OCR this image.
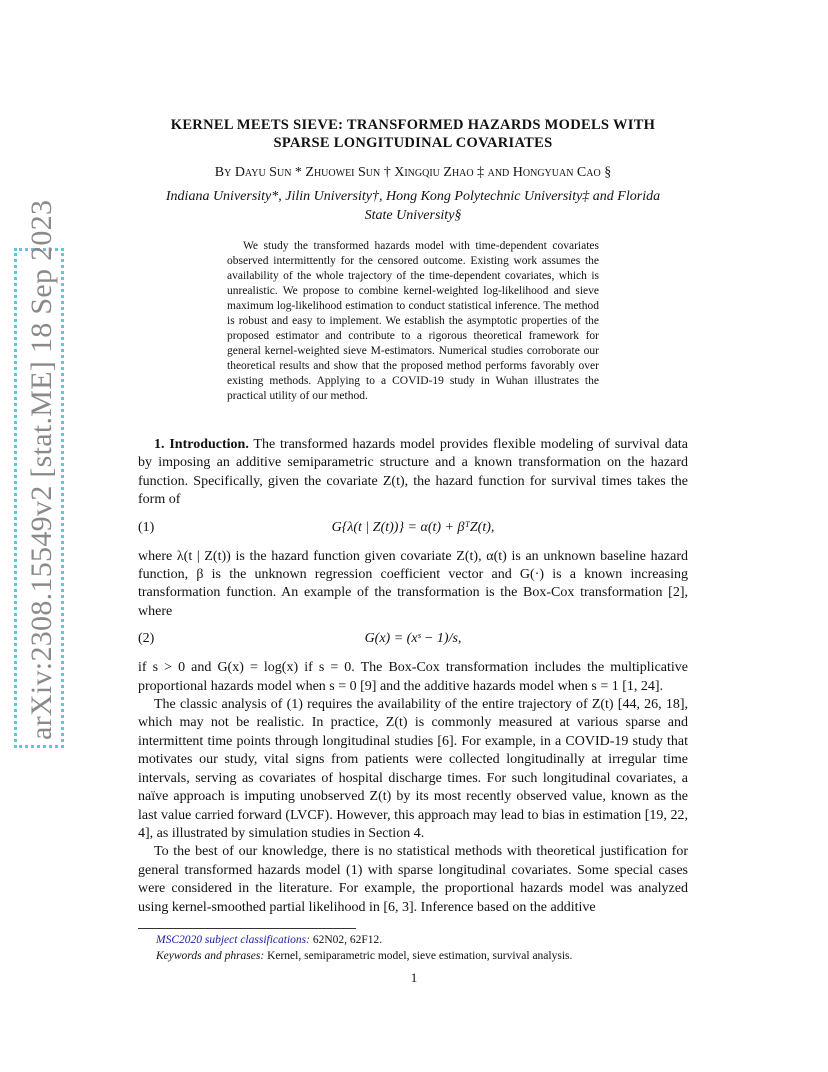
arXiv:2308.15549v2 [stat.ME] 18 Sep 2023
KERNEL MEETS SIEVE: TRANSFORMED HAZARDS MODELS WITH
SPARSE LONGITUDINAL COVARIATES
By Dayu Sun * Zhuowei Sun † Xingqiu Zhao ‡ and Hongyuan Cao §
Indiana University*, Jilin University†, Hong Kong Polytechnic University‡ and Florida State University§
We study the transformed hazards model with time-dependent covariates observed intermittently for the censored outcome. Existing work assumes the availability of the whole trajectory of the time-dependent covariates, which is unrealistic. We propose to combine kernel-weighted log-likelihood and sieve maximum log-likelihood estimation to conduct statistical inference. The method is robust and easy to implement. We establish the asymptotic properties of the proposed estimator and contribute to a rigorous theoretical framework for general kernel-weighted sieve M-estimators. Numerical studies corroborate our theoretical results and show that the proposed method performs favorably over existing methods. Applying to a COVID-19 study in Wuhan illustrates the practical utility of our method.
1. Introduction. The transformed hazards model provides flexible modeling of survival data by imposing an additive semiparametric structure and a known transformation on the hazard function. Specifically, given the covariate Z(t), the hazard function for survival times takes the form of
(1)	G{λ(t | Z(t))} = α(t) + βᵀZ(t),
where λ(t | Z(t)) is the hazard function given covariate Z(t), α(t) is an unknown baseline hazard function, β is the unknown regression coefficient vector and G(·) is a known increasing transformation function. An example of the transformation is the Box-Cox transformation [2], where
(2)	G(x) = (xˢ − 1)/s,
if s > 0 and G(x) = log(x) if s = 0. The Box-Cox transformation includes the multiplicative proportional hazards model when s = 0 [9] and the additive hazards model when s = 1 [1, 24].
The classic analysis of (1) requires the availability of the entire trajectory of Z(t) [44, 26, 18], which may not be realistic. In practice, Z(t) is commonly measured at various sparse and intermittent time points through longitudinal studies [6]. For example, in a COVID-19 study that motivates our study, vital signs from patients were collected longitudinally at irregular time intervals, serving as covariates of hospital discharge times. For such longitudinal covariates, a naïve approach is imputing unobserved Z(t) by its most recently observed value, known as the last value carried forward (LVCF). However, this approach may lead to bias in estimation [19, 22, 4], as illustrated by simulation studies in Section 4.
To the best of our knowledge, there is no statistical methods with theoretical justification for general transformed hazards model (1) with sparse longitudinal covariates. Some special cases were considered in the literature. For example, the proportional hazards model was analyzed using kernel-smoothed partial likelihood in [6, 3]. Inference based on the additive
MSC2020 subject classifications: 62N02, 62F12.
Keywords and phrases: Kernel, semiparametric model, sieve estimation, survival analysis.
1
